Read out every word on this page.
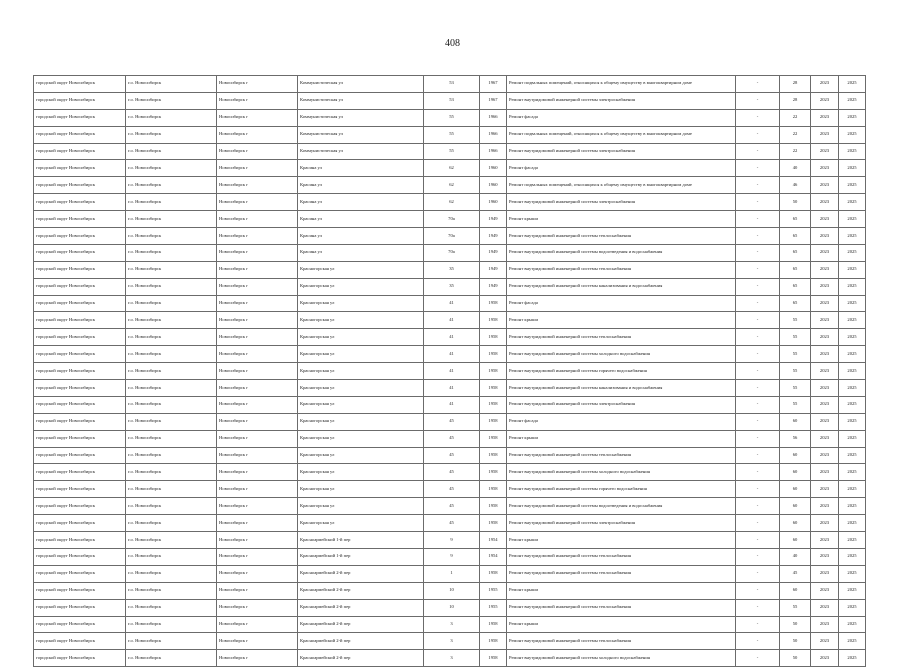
408
городской округ Новосибирск	г.о. Новосибирск	Новосибирск г	Коммунистическая ул	53	1967	Ремонт подвальных помещений, относящихся к общему имуществу в многоквартирном доме	-	28	2023	2025
городской округ Новосибирск	г.о. Новосибирск	Новосибирск г	Коммунистическая ул	53	1967	Ремонт внутридомовой инженерной системы электроснабжения	-	28	2023	2025
городской округ Новосибирск	г.о. Новосибирск	Новосибирск г	Коммунистическая ул	55	1966	Ремонт фасада	-	22	2023	2025
городской округ Новосибирск	г.о. Новосибирск	Новосибирск г	Коммунистическая ул	55	1966	Ремонт подвальных помещений, относящихся к общему имуществу в многоквартирном доме	-	22	2023	2025
городской округ Новосибирск	г.о. Новосибирск	Новосибирск г	Коммунистическая ул	55	1966	Ремонт внутридомовой инженерной системы электроснабжения	-	22	2023	2025
городской округ Новосибирск	г.о. Новосибирск	Новосибирск г	Красина ул	62	1960	Ремонт фасада	-	40	2023	2025
городской округ Новосибирск	г.о. Новосибирск	Новосибирск г	Красина ул	62	1960	Ремонт подвальных помещений, относящихся к общему имуществу в многоквартирном доме	-	46	2023	2025
городской округ Новосибирск	г.о. Новосибирск	Новосибирск г	Красина ул	62	1960	Ремонт внутридомовой инженерной системы электроснабжения	-	50	2023	2025
городской округ Новосибирск	г.о. Новосибирск	Новосибирск г	Красина ул	70а	1949	Ремонт крыши	-	65	2023	2025
городской округ Новосибирск	г.о. Новосибирск	Новосибирск г	Красина ул	70а	1949	Ремонт внутридомовой инженерной системы теплоснабжения	-	65	2023	2025
городской округ Новосибирск	г.о. Новосибирск	Новосибирск г	Красина ул	70а	1949	Ремонт внутридомовой инженерной системы водоотведения и водоснабжения	-	65	2023	2025
городской округ Новосибирск	г.о. Новосибирск	Новосибирск г	Красногорская ул	35	1949	Ремонт внутридомовой инженерной системы теплоснабжения	-	65	2023	2025
городской округ Новосибирск	г.о. Новосибирск	Новосибирск г	Красногорская ул	35	1949	Ремонт внутридомовой инженерной системы канализования и водоснабжения	-	65	2023	2025
городской округ Новосибирск	г.о. Новосибирск	Новосибирск г	Красногорская ул	41	1958	Ремонт фасада	-	65	2023	2025
городской округ Новосибирск	г.о. Новосибирск	Новосибирск г	Красногорская ул	41	1958	Ремонт крыши	-	55	2023	2025
городской округ Новосибирск	г.о. Новосибирск	Новосибирск г	Красногорская ул	41	1958	Ремонт внутридомовой инженерной системы теплоснабжения	-	55	2023	2025
городской округ Новосибирск	г.о. Новосибирск	Новосибирск г	Красногорская ул	41	1958	Ремонт внутридомовой инженерной системы холодного водоснабжения	-	55	2023	2025
городской округ Новосибирск	г.о. Новосибирск	Новосибирск г	Красногорская ул	41	1958	Ремонт внутридомовой инженерной системы горячего водоснабжения	-	55	2023	2025
городской округ Новосибирск	г.о. Новосибирск	Новосибирск г	Красногорская ул	41	1958	Ремонт внутридомовой инженерной системы канализования и водоснабжения	-	55	2023	2025
городской округ Новосибирск	г.о. Новосибирск	Новосибирск г	Красногорская ул	41	1958	Ремонт внутридомовой инженерной системы электроснабжения	-	55	2023	2025
городской округ Новосибирск	г.о. Новосибирск	Новосибирск г	Красногорская ул	45	1958	Ремонт фасада	-	60	2023	2025
городской округ Новосибирск	г.о. Новосибирск	Новосибирск г	Красногорская ул	45	1958	Ремонт крыши	-	56	2023	2025
городской округ Новосибирск	г.о. Новосибирск	Новосибирск г	Красногорская ул	45	1958	Ремонт внутридомовой инженерной системы теплоснабжения	-	60	2023	2025
городской округ Новосибирск	г.о. Новосибирск	Новосибирск г	Красногорская ул	45	1958	Ремонт внутридомовой инженерной системы холодного водоснабжения	-	60	2023	2025
городской округ Новосибирск	г.о. Новосибирск	Новосибирск г	Красногорская ул	45	1958	Ремонт внутридомовой инженерной системы горячего водоснабжения	-	60	2023	2025
городской округ Новосибирск	г.о. Новосибирск	Новосибирск г	Красногорская ул	45	1958	Ремонт внутридомовой инженерной системы водоотведения и водоснабжения	-	60	2023	2025
городской округ Новосибирск	г.о. Новосибирск	Новосибирск г	Красногорская ул	45	1958	Ремонт внутридомовой инженерной системы электроснабжения	-	60	2023	2025
городской округ Новосибирск	г.о. Новосибирск	Новосибирск г	Красноармейский 1-й пер	9	1954	Ремонт крыши	-	60	2023	2025
городской округ Новосибирск	г.о. Новосибирск	Новосибирск г	Красноармейский 1-й пер	9	1954	Ремонт внутридомовой инженерной системы теплоснабжения	-	40	2023	2025
городской округ Новосибирск	г.о. Новосибирск	Новосибирск г	Красноармейский 2-й пер	1	1958	Ремонт внутридомовой инженерной системы теплоснабжения	-	45	2023	2025
городской округ Новосибирск	г.о. Новосибирск	Новосибирск г	Красноармейский 2-й пер	10	1955	Ремонт крыши	-	60	2023	2025
городской округ Новосибирск	г.о. Новосибирск	Новосибирск г	Красноармейский 2-й пер	10	1955	Ремонт внутридомовой инженерной системы теплоснабжения	-	55	2023	2025
городской округ Новосибирск	г.о. Новосибирск	Новосибирск г	Красноармейский 2-й пер	3	1958	Ремонт крыши	-	50	2023	2025
городской округ Новосибирск	г.о. Новосибирск	Новосибирск г	Красноармейский 2-й пер	3	1958	Ремонт внутридомовой инженерной системы теплоснабжения	-	50	2023	2025
городской округ Новосибирск	г.о. Новосибирск	Новосибирск г	Красноармейский 2-й пер	3	1958	Ремонт внутридомовой инженерной системы холодного водоснабжения	-	50	2023	2025
